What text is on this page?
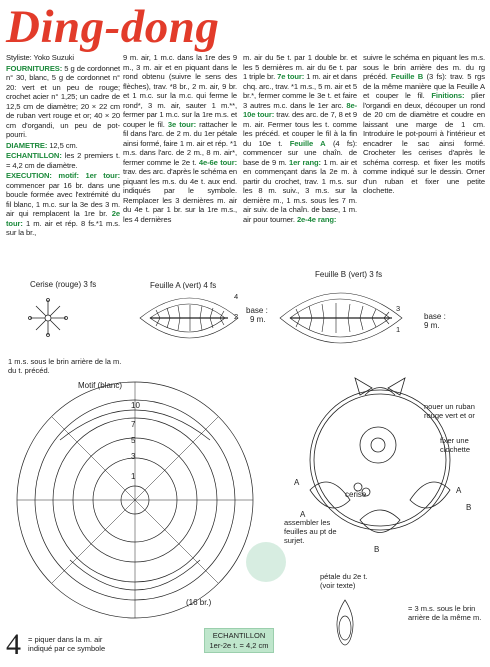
Ding-dong

Styliste: Yoko Suzuki

FOURNITURES: 5 g de cordonnet n° 30, blanc, 5 g de cordonnet n° 20: vert et un peu de rouge; crochet acier n° 1,25; un cadre de 12,5 cm de diamètre; 20 × 22 cm de ruban vert rouge et or; 40 × 20 cm d'organdi, un peu de pot-pourri.

DIAMETRE: 12,5 cm.

ECHANTILLON: les 2 premiers t. = 4,2 cm de diamètre.

EXECUTION: motif: 1er tour: commencer par 16 br. dans une boucle formée avec l'extrémité du fil blanc, 1 m.c. sur la 3e des 3 m. air qui remplacent la 1re br. 2e tour: 1 m. air et rép. 8 fs.*1 m.s. sur la br.,

9 m. air, 1 m.c. dans la 1re des 9 m., 3 m. air et en piquant dans le rond obtenu (suivre le sens des flèches), trav. *8 br., 2 m. air, 9 br. et 1 m.c. sur la m.c. qui ferme le rond*, 3 m. air, sauter 1 m.**, fermer par 1 m.c. sur la 1re m.s. et couper le fil. 3e tour: rattacher le fil dans l'arc. de 2 m. du 1er pétale ainsi formé, faire 1 m. air et rép. *1 m.s. dans l'arc. de 2 m., 8 m. air*, fermer comme le 2e t. 4e-6e tour: trav. des arc. d'après le schéma en piquant les m.s. du 4e t. aux end. indiqués par le symbole. Remplacer les 3 dernières m. air du 4e t. par 1 br. sur la 1re m.s., les 4 dernières

m. air du 5e t. par 1 double br. et les 5 dernières m. air du 6e t. par 1 triple br. 7e tour: 1 m. air et dans chq. arc., trav. *1 m.s., 5 m. air et 5 br.*, fermer comme le 3e t. et faire 3 autres m.c. dans le 1er arc. 8e-10e tour: trav. des arc. de 7, 8 et 9 m. air. Fermer tous les t. comme les précéd. et couper le fil à la fin du 10e t. Feuille A (4 fs): commencer sur une chaîn. de base de 9 m. 1er rang: 1 m. air et en commençant dans la 2e m. à partir du crochet, trav. 1 m.s. sur les 8 m. suiv., 3 m.s. sur la dernière m., 1 m.s. sous les 7 m. air suiv. de la chaîn. de base, 1 m. air pour tourner. 2e-4e rang:

suivre le schéma en piquant les m.s. sous le brin arrière des m. du rg précéd. Feuille B (3 fs): trav. 5 rgs de la même manière que la Feuille A et couper le fil. Finitions: plier l'organdi en deux, découper un rond de 20 cm de diamètre et coudre en laissant une marge de 1 cm. Introduire le pot-pourri à l'intérieur et encadrer le sac ainsi formé. Crocheter les cerises d'après le schéma corresp. et fixer les motifs comme indiqué sur le dessin. Orner d'un ruban et fixer une petite clochette.

Cerise (rouge) 3 fs	Feuille A (vert) 4 fs
Feuille B (vert) 3 fs
base :
9 m.	base :
9 m.
1 m.s. sous le brin arrière de la m. du t. précéd.
Motif (blanc)
nouer un ruban rouge vert et or
fixer une clochette
cerise
assembler les feuilles au pt de surjet.
pétale du 2e t. (voir texte)
= 3 m.s. sous le brin arrière de la même m.
(16 br.)
= piquer dans la m. air indiqué par ce symbole
4	ECHANTILLON
1er-2e t. = 4,2 cm
1
3
5
7
10
4
2
3
1
A
A
B
A
B
